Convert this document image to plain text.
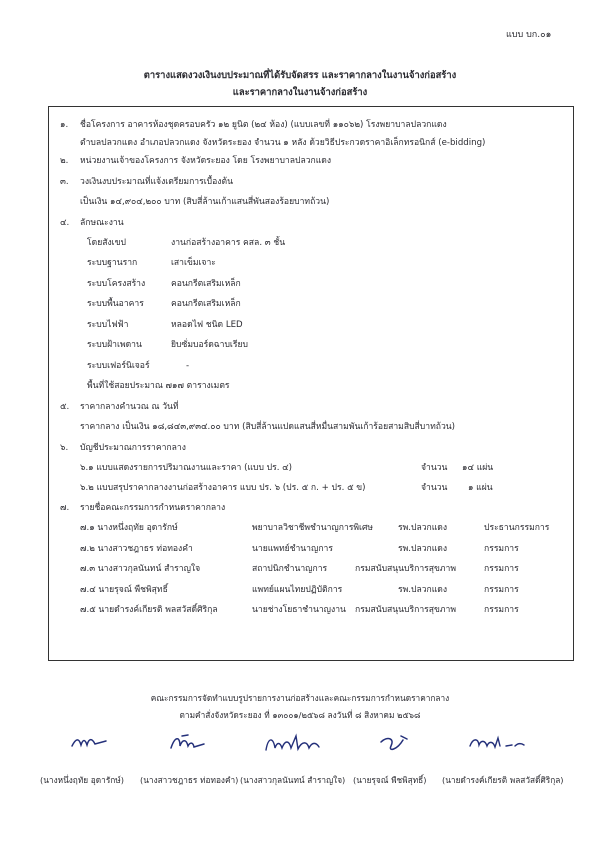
แบบ บก.๐๑
ตารางแสดงวงเงินงบประมาณที่ได้รับจัดสรร และราคากลางในงานจ้างก่อสร้าง
และราคากลางในงานจ้างก่อสร้าง
๑. ชื่อโครงการ อาคารห้องชุดครอบครัว ๑๒ ยูนิต (๒๔ ห้อง) (แบบเลขที่ ๑๑๐๖๒) โรงพยาบาลปลวกแดง
ตำบลปลวกแดง อำเภอปลวกแดง จังหวัดระยอง จำนวน ๑ หลัง ด้วยวิธีประกวดราคาอิเล็กทรอนิกส์ (e-bidding)
๒. หน่วยงานเจ้าของโครงการ จังหวัดระยอง โดย โรงพยาบาลปลวกแดง
๓. วงเงินงบประมาณที่แจ้งเตรียมการเบื้องต้น
เป็นเงิน ๑๔,๙๐๔,๒๐๐ บาท (สิบสี่ล้านเก้าแสนสี่พันสองร้อยบาทถ้วน)
๔. ลักษณะงาน
โดยสังเขป	งานก่อสร้างอาคาร คสล. ๓ ชั้น
ระบบฐานราก	เสาเข็มเจาะ
ระบบโครงสร้าง	คอนกรีตเสริมเหล็ก
ระบบพื้นอาคาร	คอนกรีตเสริมเหล็ก
ระบบไฟฟ้า	หลอดไฟ ชนิด LED
ระบบฝ้าเพดาน	ยิบซั่มบอร์ดฉาบเรียบ
ระบบเฟอร์นิเจอร์	-
พื้นที่ใช้สอยประมาณ ๗๑๗ ตารางเมตร
๕. ราคากลางคำนวณ ณ วันที่
ราคากลาง เป็นเงิน ๑๘,๘๔๓,๙๓๔.๐๐ บาท (สิบสี่ล้านแปดแสนสี่หมื่นสามพันเก้าร้อยสามสิบสี่บาทถ้วน)
๖. บัญชีประมาณการราคากลาง
๖.๑ แบบแสดงรายการปริมาณงานและราคา (แบบ ปร. ๔)	จำนวน ๑๔ แผ่น
๖.๒ แบบสรุปราคากลางงานก่อสร้างอาคาร แบบ ปร. ๖ (ปร. ๕ ก. + ปร. ๕ ข)	จำนวน ๑ แผ่น
๗. รายชื่อคณะกรรมการกำหนดราคากลาง
๗.๑ นางหนึ่งฤทัย อุดารักษ์	พยาบาลวิชาชีพชำนาญการพิเศษ	รพ.ปลวกแดง	ประธานกรรมการ
๗.๒ นางสาวชฎาธร ท่อทองคำ	นายแพทย์ชำนาญการ	รพ.ปลวกแดง	กรรมการ
๗.๓ นางสาวกุลนันทน์ สำราญใจ	สถาปนิกชำนาญการ	กรมสนับสนุนบริการสุขภาพ	กรรมการ
๗.๔ นายรุจณ์ พืชพิสุทธิ์	แพทย์แผนไทยปฏิบัติการ	รพ.ปลวกแดง	กรรมการ
๗.๕ นายดำรงค์เกียรติ พลสวัสดิ์ศิริกุล	นายช่างโยธาชำนาญงาน กรมสนับสนุนบริการสุขภาพ	กรรมการ
คณะกรรมการจัดทำแบบรูปรายการงานก่อสร้างและคณะกรรมการกำหนดราคากลาง
ตามคำสั่งจังหวัดระยอง ที่ ๑๓๐๐๑/๒๕๖๘ ลงวันที่ ๘ สิงหาคม ๒๕๖๘
(นางหนึ่งฤทัย อุดารักษ์) (นางสาวชฎาธร ท่อทองคำ) (นางสาวกุลนันทน์ สำราญใจ) (นายรุจณ์ พืชพิสุทธิ์) (นายดำรงค์เกียรติ พลสวัสดิ์ศิริกุล)
